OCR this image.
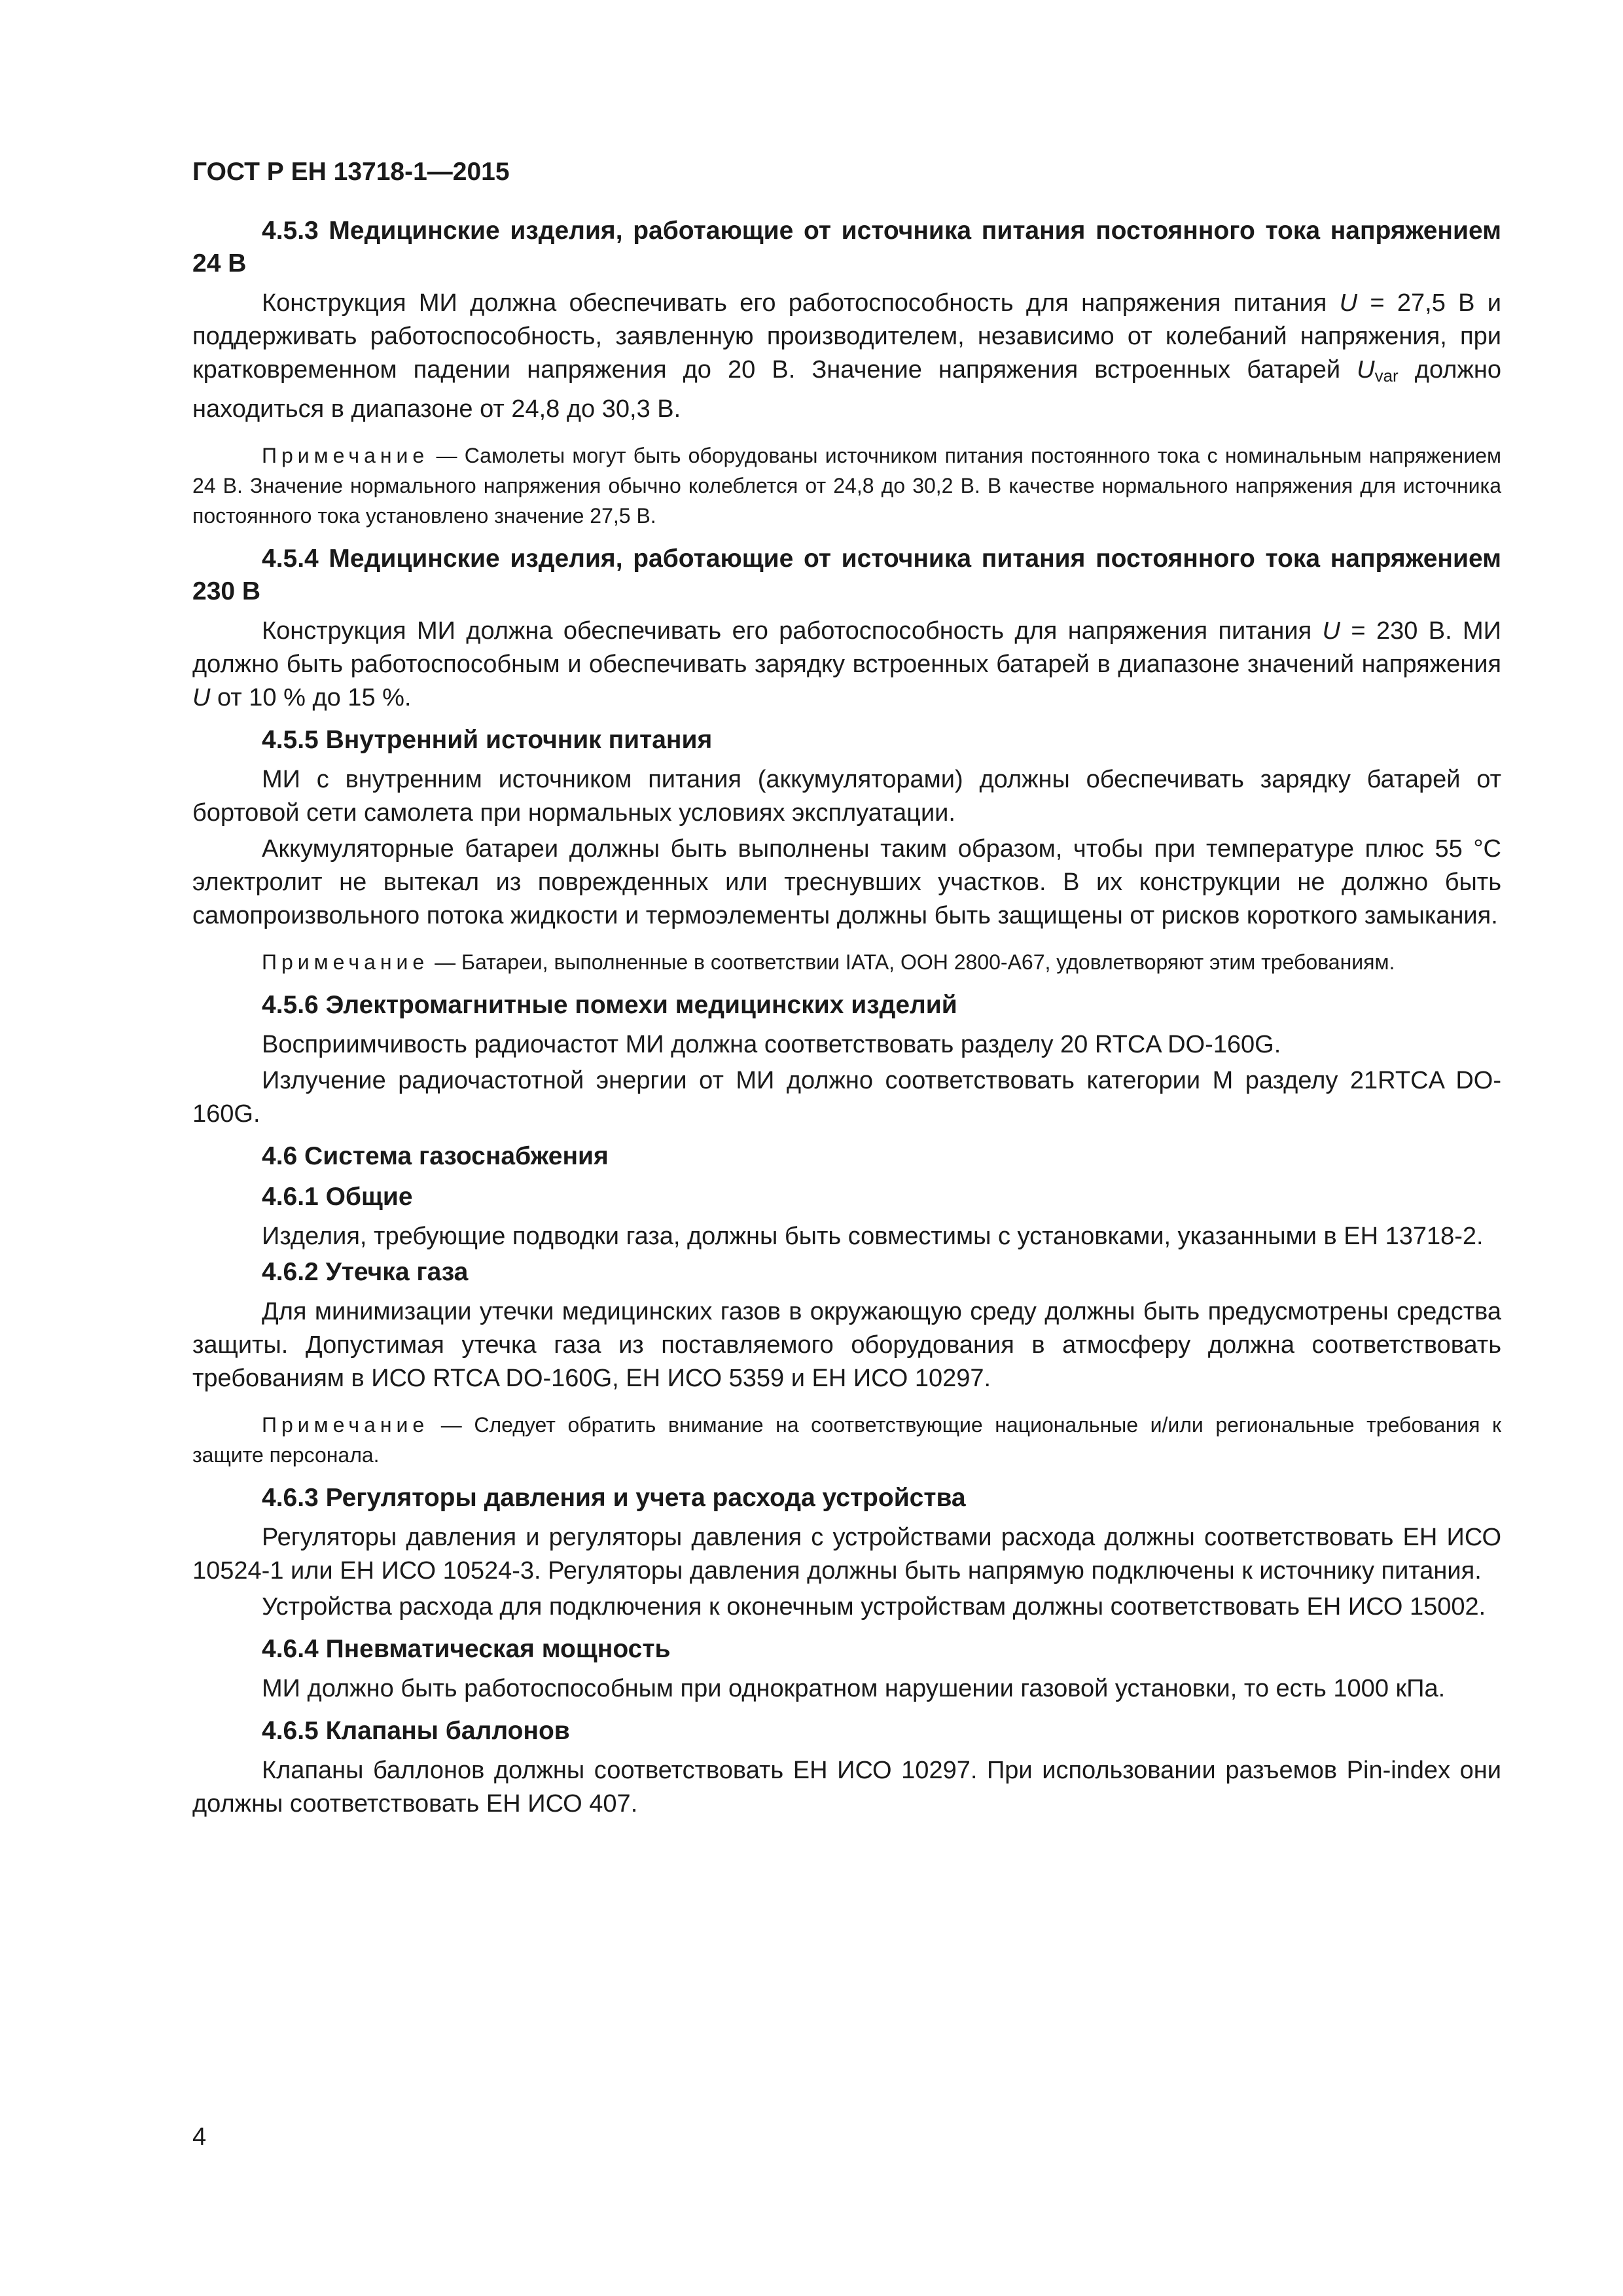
ГОСТ Р ЕН 13718-1—2015
4.5.3 Медицинские изделия, работающие от источника питания постоянного тока напряжением 24 В

Конструкция МИ должна обеспечивать его работоспособность для напряжения питания U = 27,5 В и поддерживать работоспособность, заявленную производителем, независимо от колебаний напряжения, при кратковременном падении напряжения до 20 В. Значение напряжения встроенных батарей $U_{var}$ должно находиться в диапазоне от 24,8 до 30,3 В.

Примечание — Самолеты могут быть оборудованы источником питания постоянного тока с номинальным напряжением 24 В. Значение нормального напряжения обычно колеблется от 24,8 до 30,2 В. В качестве нормального напряжения для источника постоянного тока установлено значение 27,5 В.

4.5.4 Медицинские изделия, работающие от источника питания постоянного тока напряжением 230 В

Конструкция МИ должна обеспечивать его работоспособность для напряжения питания U = 230 В. МИ должно быть работоспособным и обеспечивать зарядку встроенных батарей в диапазоне значений напряжения U от 10 % до 15 %.

4.5.5 Внутренний источник питания

МИ с внутренним источником питания (аккумуляторами) должны обеспечивать зарядку батарей от бортовой сети самолета при нормальных условиях эксплуатации.

Аккумуляторные батареи должны быть выполнены таким образом, чтобы при температуре плюс 55 °С электролит не вытекал из поврежденных или треснувших участков. В их конструкции не должно быть самопроизвольного потока жидкости и термоэлементы должны быть защищены от рисков короткого замыкания.

Примечание — Батареи, выполненные в соответствии IATA, ООН 2800-А67, удовлетворяют этим требованиям.

4.5.6 Электромагнитные помехи медицинских изделий

Восприимчивость радиочастот МИ должна соответствовать разделу 20 RTCA DO-160G.

Излучение радиочастотной энергии от МИ должно соответствовать категории М разделу 21RTCA DO-160G.

4.6 Система газоснабжения
4.6.1 Общие

Изделия, требующие подводки газа, должны быть совместимы с установками, указанными в ЕН 13718-2.

4.6.2 Утечка газа

Для минимизации утечки медицинских газов в окружающую среду должны быть предусмотрены средства защиты. Допустимая утечка газа из поставляемого оборудования в атмосферу должна соответствовать требованиям в ИСО RTCA DO-160G, ЕН ИСО 5359 и ЕН ИСО 10297.

Примечание — Следует обратить внимание на соответствующие национальные и/или региональные требования к защите персонала.

4.6.3 Регуляторы давления и учета расхода устройства

Регуляторы давления и регуляторы давления с устройствами расхода должны соответствовать ЕН ИСО 10524-1 или ЕН ИСО 10524-3. Регуляторы давления должны быть напрямую подключены к источнику питания.

Устройства расхода для подключения к оконечным устройствам должны соответствовать ЕН ИСО 15002.

4.6.4 Пневматическая мощность

МИ должно быть работоспособным при однократном нарушении газовой установки, то есть 1000 кПа.

4.6.5 Клапаны баллонов

Клапаны баллонов должны соответствовать ЕН ИСО 10297. При использовании разъемов Pin-index они должны соответствовать ЕН ИСО 407.

4
